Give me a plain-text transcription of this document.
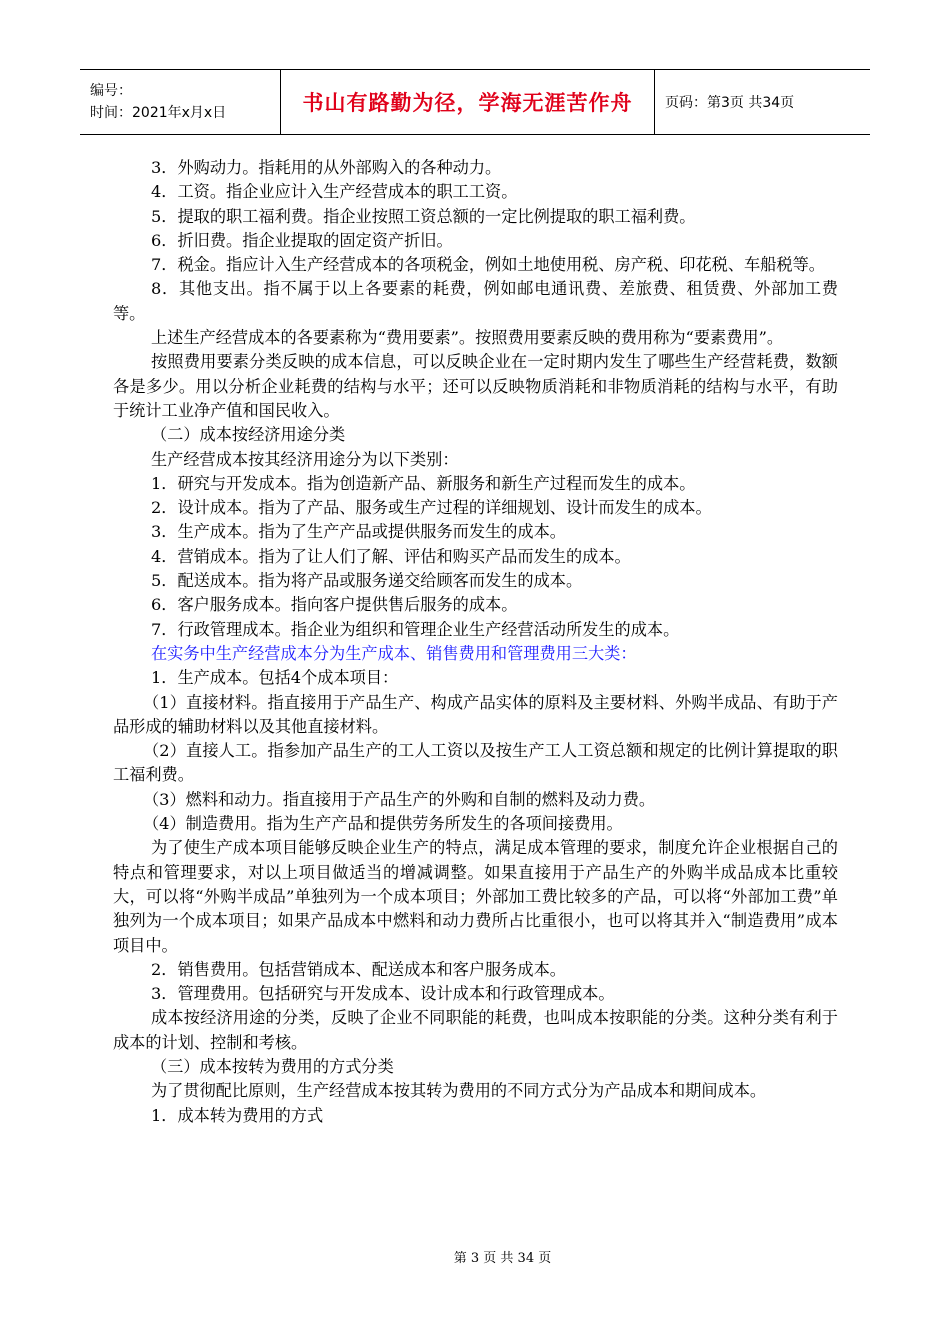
编号：
时间：2021年x月x日	书山有路勤为径，学海无涯苦作舟 页码：第3页 共34页

3．外购动力。指耗用的从外部购入的各种动力。

4．工资。指企业应计入生产经营成本的职工工资。

5．提取的职工福利费。指企业按照工资总额的一定比例提取的职工福利费。

6．折旧费。指企业提取的固定资产折旧。

7．税金。指应计入生产经营成本的各项税金，例如土地使用税、房产税、印花税、车船税等。

8．其他支出。指不属于以上各要素的耗费，例如邮电通讯费、差旅费、租赁费、外部加工费等。

上述生产经营成本的各要素称为“费用要素”。按照费用要素反映的费用称为“要素费用”。

按照费用要素分类反映的成本信息，可以反映企业在一定时期内发生了哪些生产经营耗费，数额各是多少。用以分析企业耗费的结构与水平；还可以反映物质消耗和非物质消耗的结构与水平，有助于统计工业净产值和国民收入。

（二）成本按经济用途分类

生产经营成本按其经济用途分为以下类别：

1．研究与开发成本。指为创造新产品、新服务和新生产过程而发生的成本。

2．设计成本。指为了产品、服务或生产过程的详细规划、设计而发生的成本。

3．生产成本。指为了生产产品或提供服务而发生的成本。

4．营销成本。指为了让人们了解、评估和购买产品而发生的成本。

5．配送成本。指为将产品或服务递交给顾客而发生的成本。

6．客户服务成本。指向客户提供售后服务的成本。

7．行政管理成本。指企业为组织和管理企业生产经营活动所发生的成本。

在实务中生产经营成本分为生产成本、销售费用和管理费用三大类：

1．生产成本。包括4个成本项目：

（1）直接材料。指直接用于产品生产、构成产品实体的原料及主要材料、外购半成品、有助于产品形成的辅助材料以及其他直接材料。

（2）直接人工。指参加产品生产的工人工资以及按生产工人工资总额和规定的比例计算提取的职工福利费。

（3）燃料和动力。指直接用于产品生产的外购和自制的燃料及动力费。

（4）制造费用。指为生产产品和提供劳务所发生的各项间接费用。

为了使生产成本项目能够反映企业生产的特点，满足成本管理的要求，制度允许企业根据自己的特点和管理要求，对以上项目做适当的增减调整。如果直接用于产品生产的外购半成品成本比重较大，可以将“外购半成品”单独列为一个成本项目；外部加工费比较多的产品，可以将“外部加工费”单独列为一个成本项目；如果产品成本中燃料和动力费所占比重很小，也可以将其并入“制造费用”成本项目中。

2．销售费用。包括营销成本、配送成本和客户服务成本。

3．管理费用。包括研究与开发成本、设计成本和行政管理成本。

成本按经济用途的分类，反映了企业不同职能的耗费，也叫成本按职能的分类。这种分类有利于成本的计划、控制和考核。

（三）成本按转为费用的方式分类

为了贯彻配比原则，生产经营成本按其转为费用的不同方式分为产品成本和期间成本。

1．成本转为费用的方式

第 3 页 共 34 页
